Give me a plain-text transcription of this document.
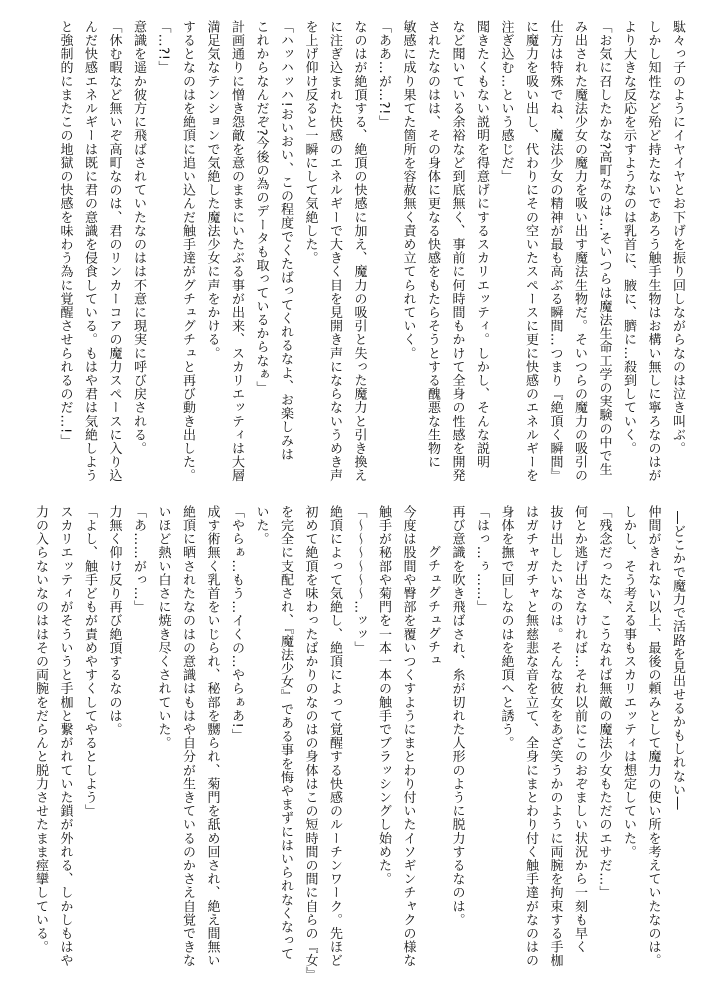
駄々っ子のようにイヤイヤとお下げを振り回しながらなのは泣き叫ぶ。
しかし知性など殆ど持たないであろう触手生物はお構い無しに寧ろなのはが
より大きな反応を示すようなのは乳首に、腋に、臍に…殺到していく。
「お気に召したかな?高町なのは…そいつらは魔法生命工学の実験の中で生
み出された魔法少女の魔力を吸い出す魔法生物だ。そいつらの魔力の吸引の
仕方は特殊でね、魔法少女の精神が最も高ぶる瞬間…つまり『絶頂く瞬間』
に魔力を吸い出し、代わりにその空いたスペースに更に快感のエネルギーを
注ぎ込む…という感じだ」
聞きたくもない説明を得意げにするスカリエッティ。しかし、そんな説明
など聞いている余裕など到底無く、事前に何時間もかけて全身の性感を開発
されたなのはは、その身体に更なる快感をもたらそうとする醜悪な生物に
敏感に成り果てた箇所を容赦無く責め立てられていく。
「ああ…が…?!」
なのはが絶頂する、絶頂の快感に加え、魔力の吸引と失った魔力と引き換え
に注ぎ込まれた快感のエネルギーで大きく目を見開き声にならないうめき声
を上げ仰け反ると一瞬にして気絶した。
「ハッハッハ!おいおい、この程度でくたばってくれるなよ、お楽しみは
これからなんだぞ?今後の為のデータも取っているからなぁ」
計画通りに憎き怨敵を意のままにいたぶる事が出来、スカリエッティは大層
満足気なテンションで気絶した魔法少女に声をかける。
するとなのはを絶頂に追い込んだ触手達がグチュグチュと再び動き出した。
「…?!」
意識を遥か彼方に飛ばされていたなのはは不意に現実に呼び戻される。
「休む暇など無いぞ高町なのは、君のリンカーコアの魔力スペースに入り込
んだ快感エネルギーは既に君の意識を侵食している。もはや君は気絶しよう
と強制的にまたこの地獄の快感を味わう為に覚醒させられるのだ…!」
―どこかで魔力で活路を見出せるかもしれない―
仲間がきれない以上、最後の頼みとして魔力の使い所を考えていたなのは。
しかし、そう考える事もスカリエッティは想定していた。
「残念だったな、こうなれば無敵の魔法少女もただのエサだ…」
何とか逃げ出さなければ…それ以前にこのおぞましい状況から一刻も早く
抜け出したいなのは。そんな彼女をあざ笑うかのように両腕を拘束する手枷
はガチャガチャと無慈悲な音を立て、全身にまとわり付く触手達がなのはの
身体を撫で回しなのはを絶頂へと誘う。
「はっ…ぅ……」
再び意識を吹き飛ばされ、糸が切れた人形のように脱力するなのは。
グチュグチュグチュ
今度は股間や臀部を覆いつくすようにまとわり付いたイソギンチャクの様な
触手が秘部や菊門を一本一本の触手でブラッシングし始めた。
「～～～～～～…ッッ」
絶頂によって気絶し、絶頂によって覚醒する快感のルーチンワーク。先ほど
初めて絶頂を味わったばかりのなのはの身体はこの短時間の間に自らの『女』
を完全に支配され、『魔法少女』である事を悔やまずにはいられなくなって
いた。
「やらぁ…もう…イくの…やらぁあ!」
成す術無く乳首をいじられ、秘部を嬲られ、菊門を舐め回され、絶え間無い
絶頂に晒されたなのはの意識はもはや自分が生きているのかさえ自覚できな
いほど熱い白さに焼き尽くされていた。
「あ……がっ…」
力無く仰け反り再び絶頂するなのは。
「よし、触手どもが責めやすくしてやるとしよう」
スカリエッティがそういうと手枷と繋がれていた鎖が外れる、しかしもはや
力の入らないなのははその両腕をだらんと脱力させたまま痙攣している。
